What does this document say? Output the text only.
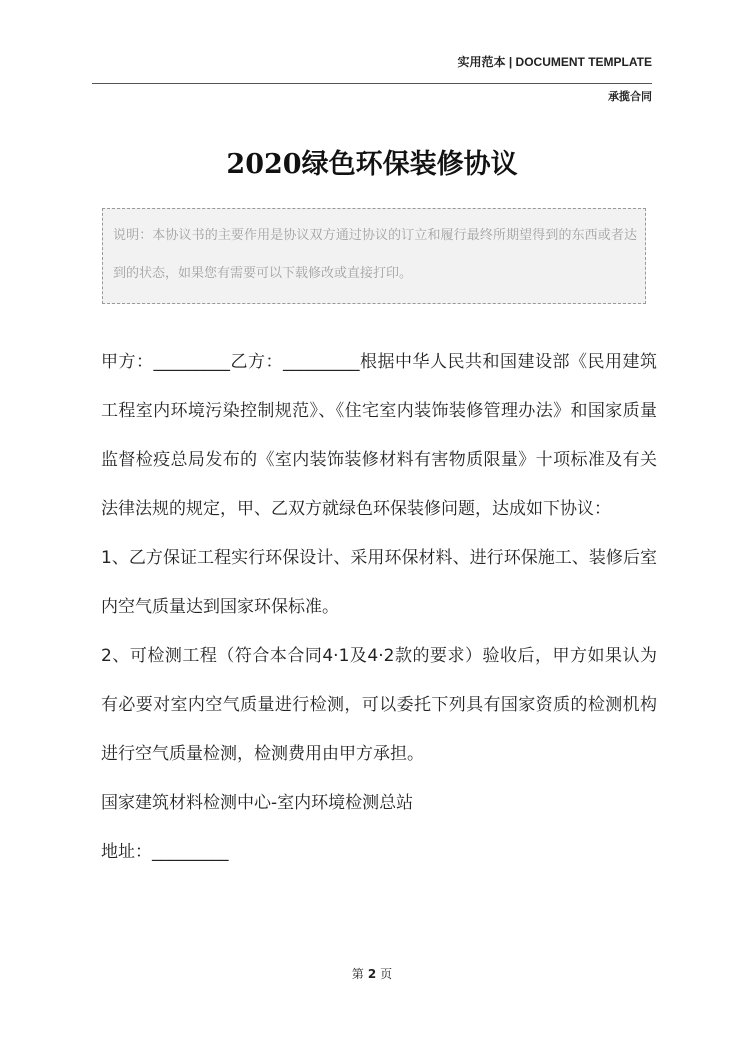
实用范本 | DOCUMENT TEMPLATE
承揽合同
2020绿色环保装修协议
说明：本协议书的主要作用是协议双方通过协议的订立和履行最终所期望得到的东西或者达到的状态，如果您有需要可以下载修改或直接打印。

甲方：_________乙方：_________根据中华人民共和国建设部《民用建筑工程室内环境污染控制规范》、《住宅室内装饰装修管理办法》和国家质量监督检疫总局发布的《室内装饰装修材料有害物质限量》十项标准及有关法律法规的规定，甲、乙双方就绿色环保装修问题，达成如下协议：

1、乙方保证工程实行环保设计、采用环保材料、进行环保施工、装修后室内空气质量达到国家环保标准。

2、可检测工程（符合本合同4·1及4·2款的要求）验收后，甲方如果认为有必要对室内空气质量进行检测，可以委托下列具有国家资质的检测机构进行空气质量检测，检测费用由甲方承担。

国家建筑材料检测中心-室内环境检测总站

地址：_________

第 2 页
